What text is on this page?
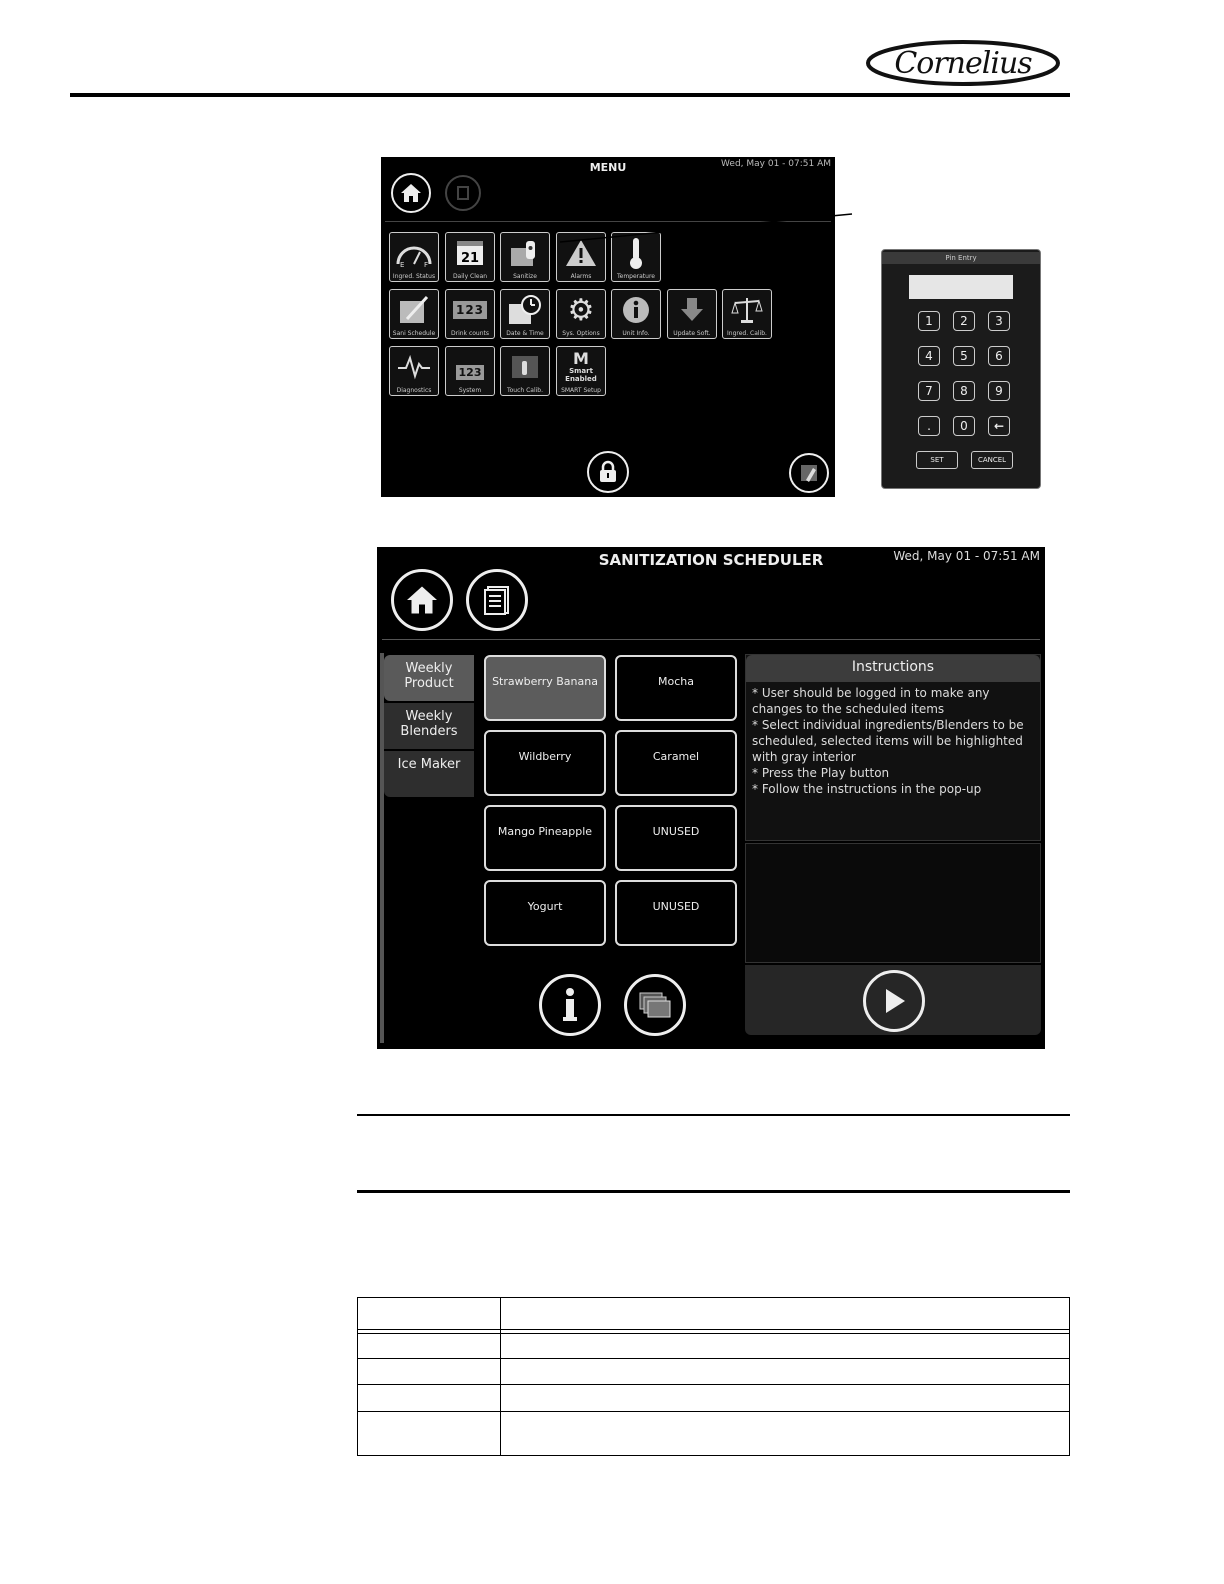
Cornelius
MENU	Wed, May 01 - 07:51 AM
E	F
Ingred. Status
21
Daily Clean	Sanitize	Alarms	Temperature
Sani Schedule
123
Drink counts	Date & Time
⚙
Sys. Options	Unit Info.	Update Soft.	Ingred. Calib.
Diagnostics
123
System	Touch Calib.
M
Smart Enabled
SMART Setup
Pin Entry
1	2	3
4	5	6
7	8	9
.	0	←
SET	CANCEL
SANITIZATION SCHEDULER	Wed, May 01 - 07:51 AM
Weekly Product
Weekly Blenders
Ice Maker
Strawberry Banana	Mocha
Wildberry	Caramel
Mango Pineapple	UNUSED
Yogurt	UNUSED
Instructions
* User should be logged in to make any changes to the scheduled items
* Select individual ingredients/Blenders to be scheduled, selected items will be highlighted with gray interior
* Press the Play button
* Follow the instructions in the pop-up
